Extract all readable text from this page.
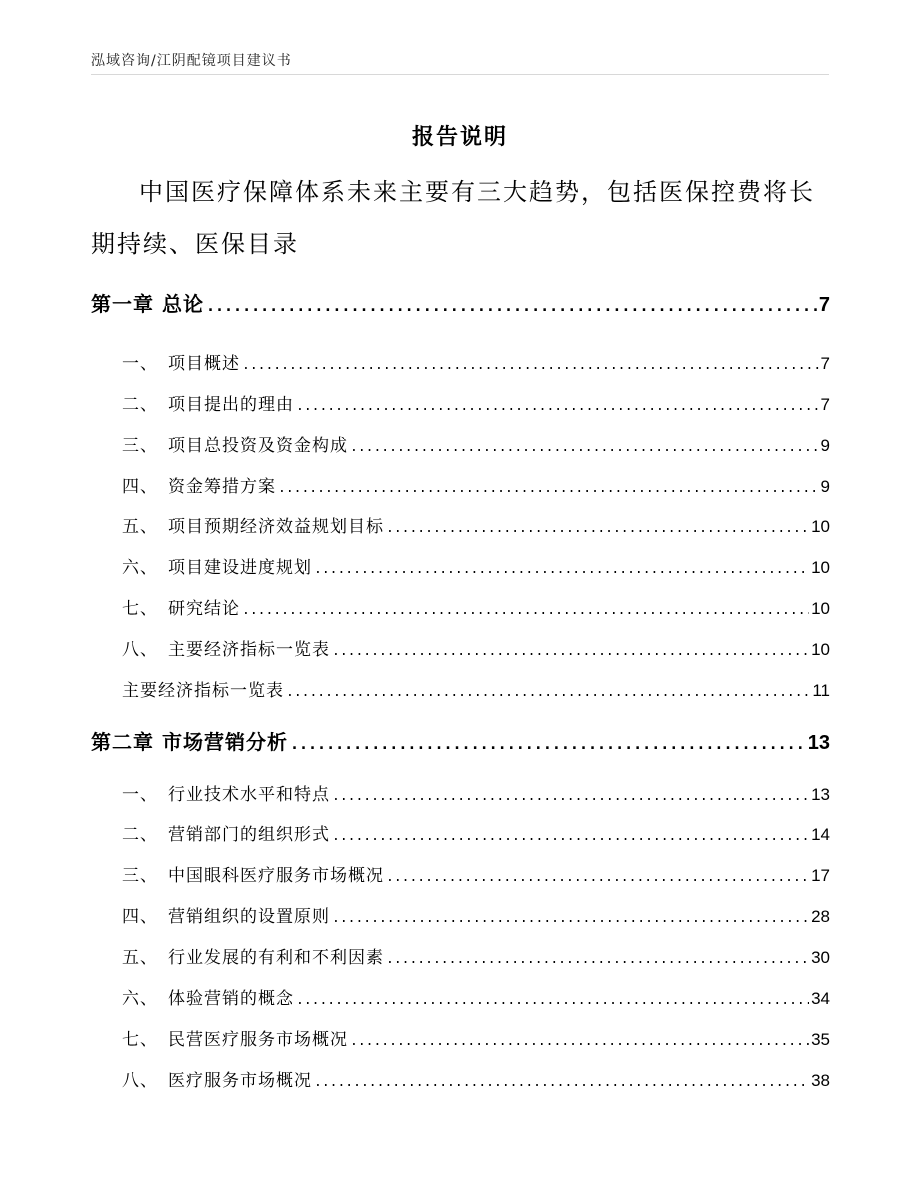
泓域咨询/江阴配镜项目建议书
报告说明
中国医疗保障体系未来主要有三大趋势，包括医保控费将长期持续、医保目录
第一章 总论 .....	7
一、 项目概述 .....	7
二、 项目提出的理由 .....	7
三、 项目总投资及资金构成 .....	9
四、 资金筹措方案 .....	9
五、 项目预期经济效益规划目标 .....	10
六、 项目建设进度规划 .....	10
七、 研究结论 .....	10
八、 主要经济指标一览表 .....	10
主要经济指标一览表 .....	11
第二章 市场营销分析 .....	13
一、 行业技术水平和特点 .....	13
二、 营销部门的组织形式 .....	14
三、 中国眼科医疗服务市场概况 .....	17
四、 营销组织的设置原则 .....	28
五、 行业发展的有利和不利因素 .....	30
六、 体验营销的概念 .....	34
七、 民营医疗服务市场概况 .....	35
八、 医疗服务市场概况 .....	38
